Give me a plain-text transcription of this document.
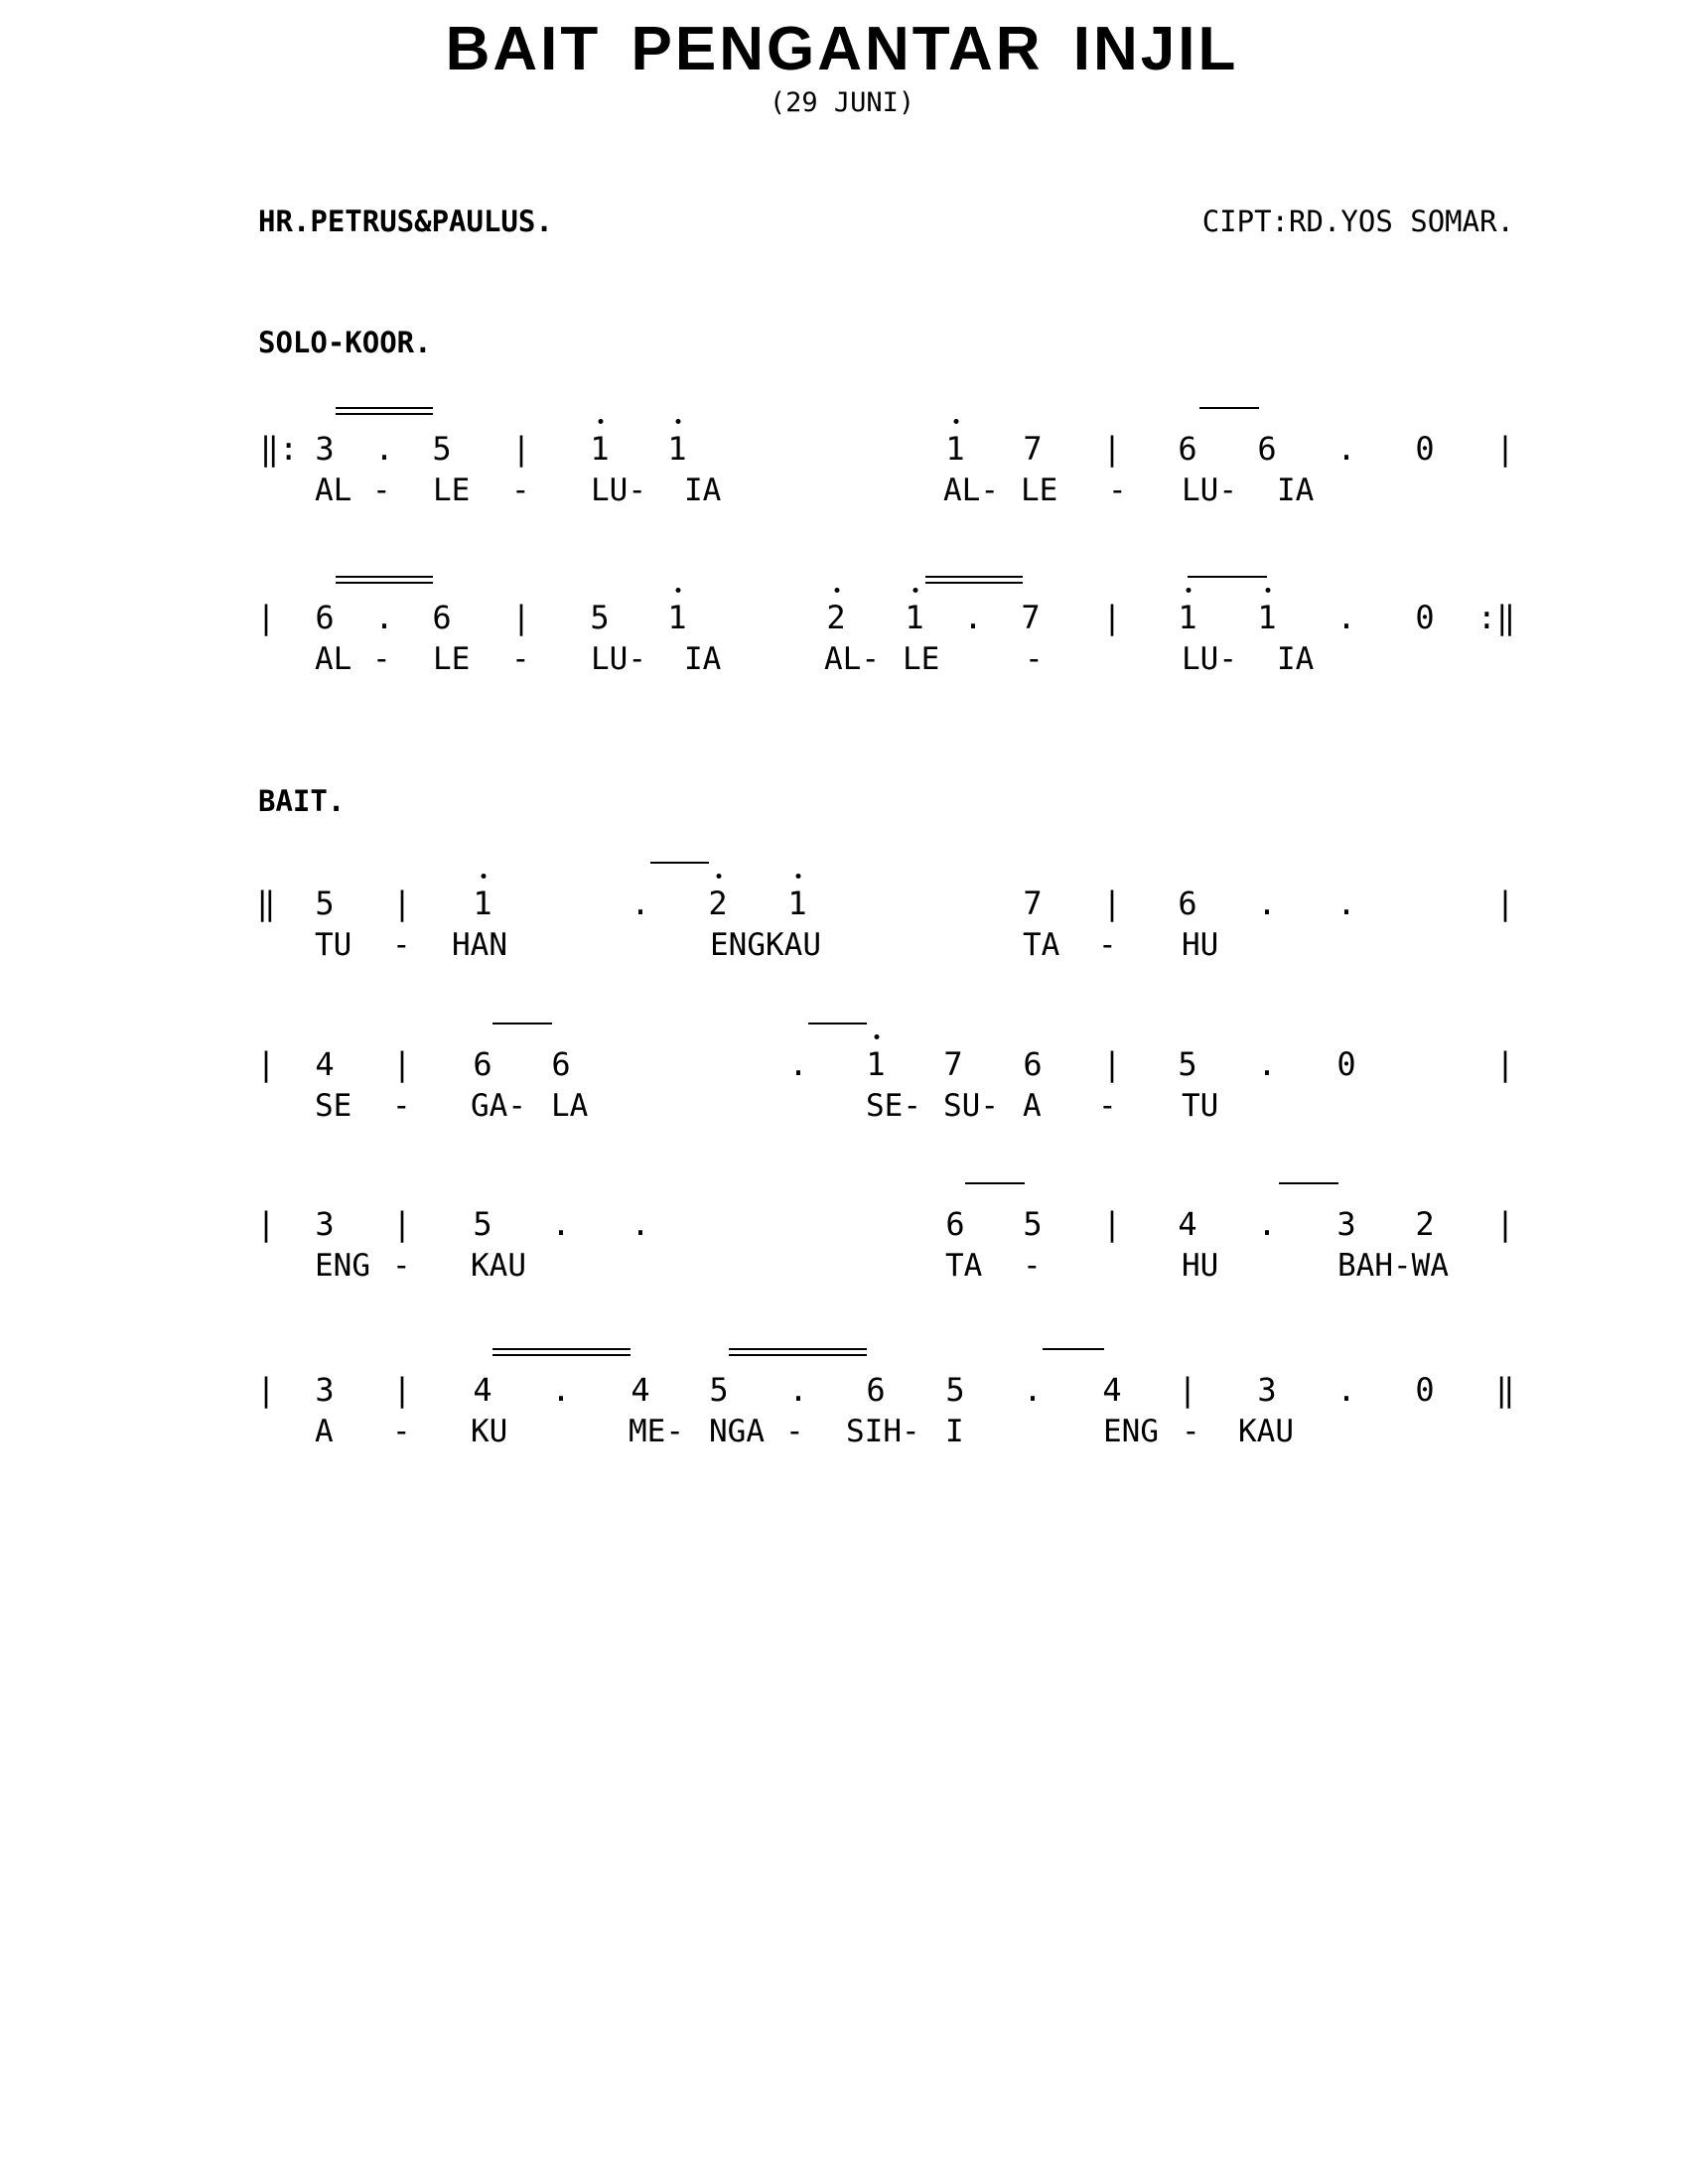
BAIT PENGANTAR INJIL
(29 JUNI)
HR.PETRUS&PAULUS.	CIPT:RD.YOS SOMAR.
SOLO-KOOR.
BAIT.
‖: 3 . 5 | 1 1	1 7 | 6 6 . 0 |
AL - LE - LU- IA	AL- LE - LU- IA
| 6 . 6 | 5 1	2 1 . 7 | 1 1 . 0 :‖
AL - LE - LU- IA	AL- LE	-	LU- IA
‖ 5 | 1	. 2 1	7 | 6 . .	|
TU - HAN	ENGKAU	TA - HU
| 4 | 6 6	. 1 7 6 | 5 . 0	|
SE - GA- LA	SE- SU- A - TU
| 3 | 5 . .	6 5 | 4 . 3 2 |
ENG - KAU	TA -	HU	BAH-WA
| 3 | 4 . 4 5 . 6 5 . 4 | 3 . 0 ‖
A - KU	ME- NGA - SIH- I	ENG - KAU
